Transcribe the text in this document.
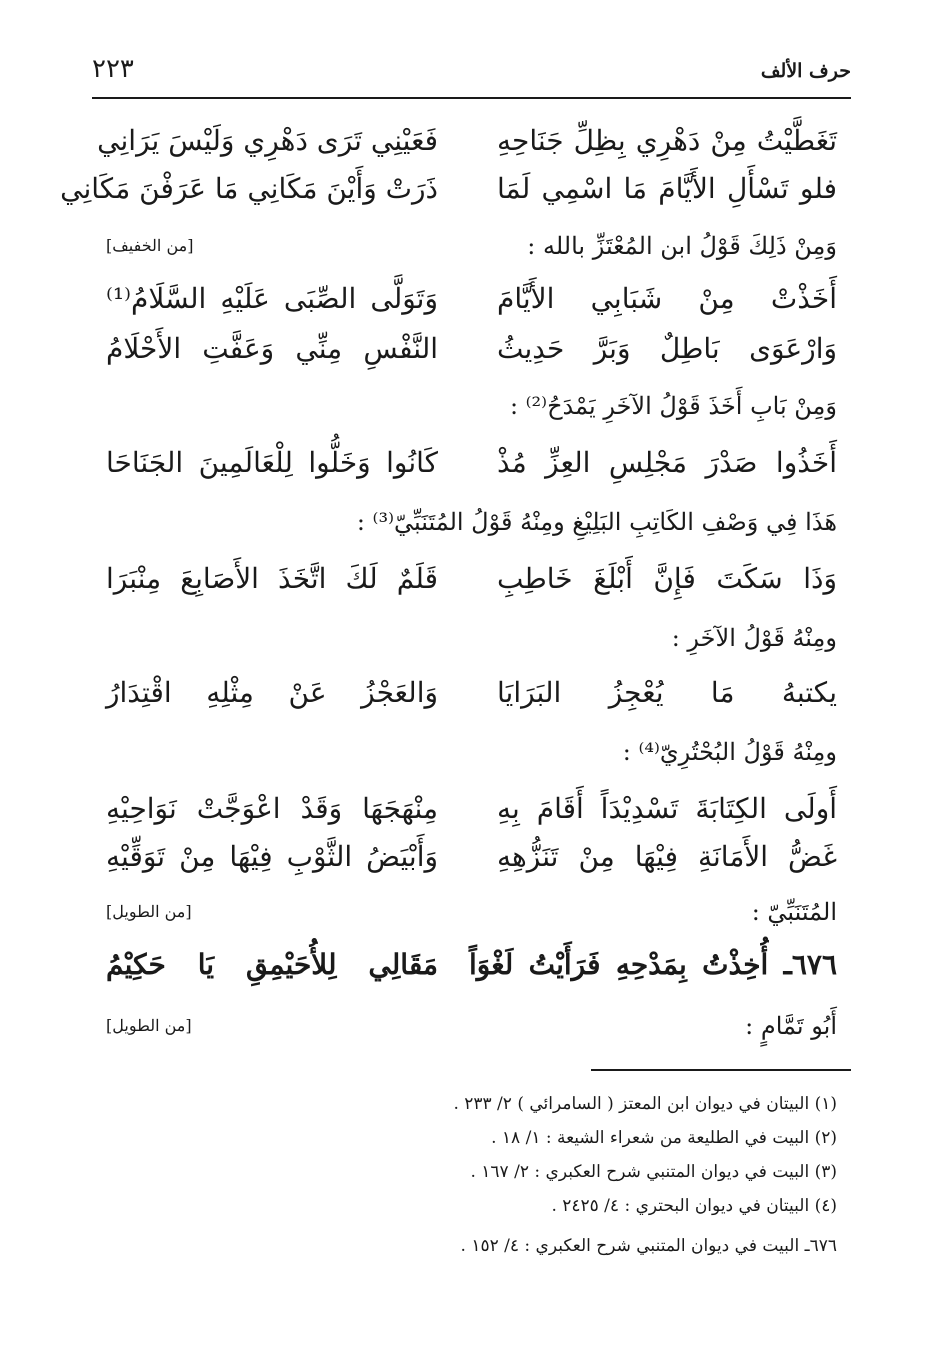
حرف الألف
٢٢٣
تَغَطَّيْتُ مِنْ دَهْرِي بِظِلِّ جَنَاحِهِ
فَعَيْنِي تَرَى دَهْرِي وَلَيْسَ يَرَانِي
فلو تَسْأَلِ الأَيَّامَ مَا اسْمِي لَمَا
ذَرَتْ وَأَيْنَ مَكَانِي مَا عَرَفْنَ مَكَانِي
وَمِنْ ذَلِكَ قَوْلُ ابن المُعْتَزِّ بالله :
[من الخفيف]
أَخَذْتْ مِنْ شَبَابِي الأَيَّامَ
وَتَوَلَّى الصِّبَى عَلَيْهِ السَّلَامُ⁽¹⁾
وَارْعَوَى بَاطِلٌ وَبَرَّ حَدِيثُ
النَّفْسِ مِنِّي وَعَفَّتِ الأَحْلَامُ
وَمِنْ بَابِ أَخَذَ قَوْلُ الآخَرِ يَمْدَحُ⁽²⁾ :
أَخَذُوا صَدْرَ مَجْلِسِ العِزِّ مُذْ
كَانُوا وَخَلُّوا لِلْعَالَمِينَ الجَنَاحَا
هَذَا فِي وَصْفِ الكَاتِبِ البَلِيْغِ ومِنْهُ قَوْلُ المُتَنَبِّيّ⁽³⁾ :
وَذَا سَكَتَ فَإِنَّ أَبْلَغَ خَاطِبِ
قَلَمٌ لَكَ اتَّخَذَ الأَصَابِعَ مِنْبَرَا
ومِنْهُ قَوْلُ الآخَرِ :
يكتبهُ مَا يُعْجِزُ البَرَايَا
وَالعَجْزُ عَنْ مِثْلِهِ اقْتِدَارُ
ومِنْهُ قَوْلُ البُحْتُرِيّ⁽⁴⁾ :
أَولَى الكِتَابَةَ تَسْدِيْدَاً أَقَامَ بِهِ
مِنْهَجَهَا وَقَدْ اعْوَجَّتْ نَوَاحِيْهِ
غَضُّ الأَمَانَةِ فِيْهَا مِنْ تَنَزُّهِهِ
وَأَبْيَضُ الثَّوْبِ فِيْهَا مِنْ تَوَقِّيْهِ
المُتَنَبِّيّ :
[من الطويل]
٦٧٦ـ أُخِذْتُ بِمَدْحِهِ فَرَأَيْتُ لَغْوَاً
مَقَالِي لِلأُحَيْمِقِ يَا حَكِيْمُ
أَبُو تَمَّامٍ :
[من الطويل]
(١) البيتان في ديوان ابن المعتز ( السامرائي ) ٢/ ٢٣٣ .
(٢) البيت في الطليعة من شعراء الشيعة : ١/ ١٨ .
(٣) البيت في ديوان المتنبي شرح العكبري : ٢/ ١٦٧ .
(٤) البيتان في ديوان البحتري : ٤/ ٢٤٢٥ .
٦٧٦ـ البيت في ديوان المتنبي شرح العكبري : ٤/ ١٥٢ .
